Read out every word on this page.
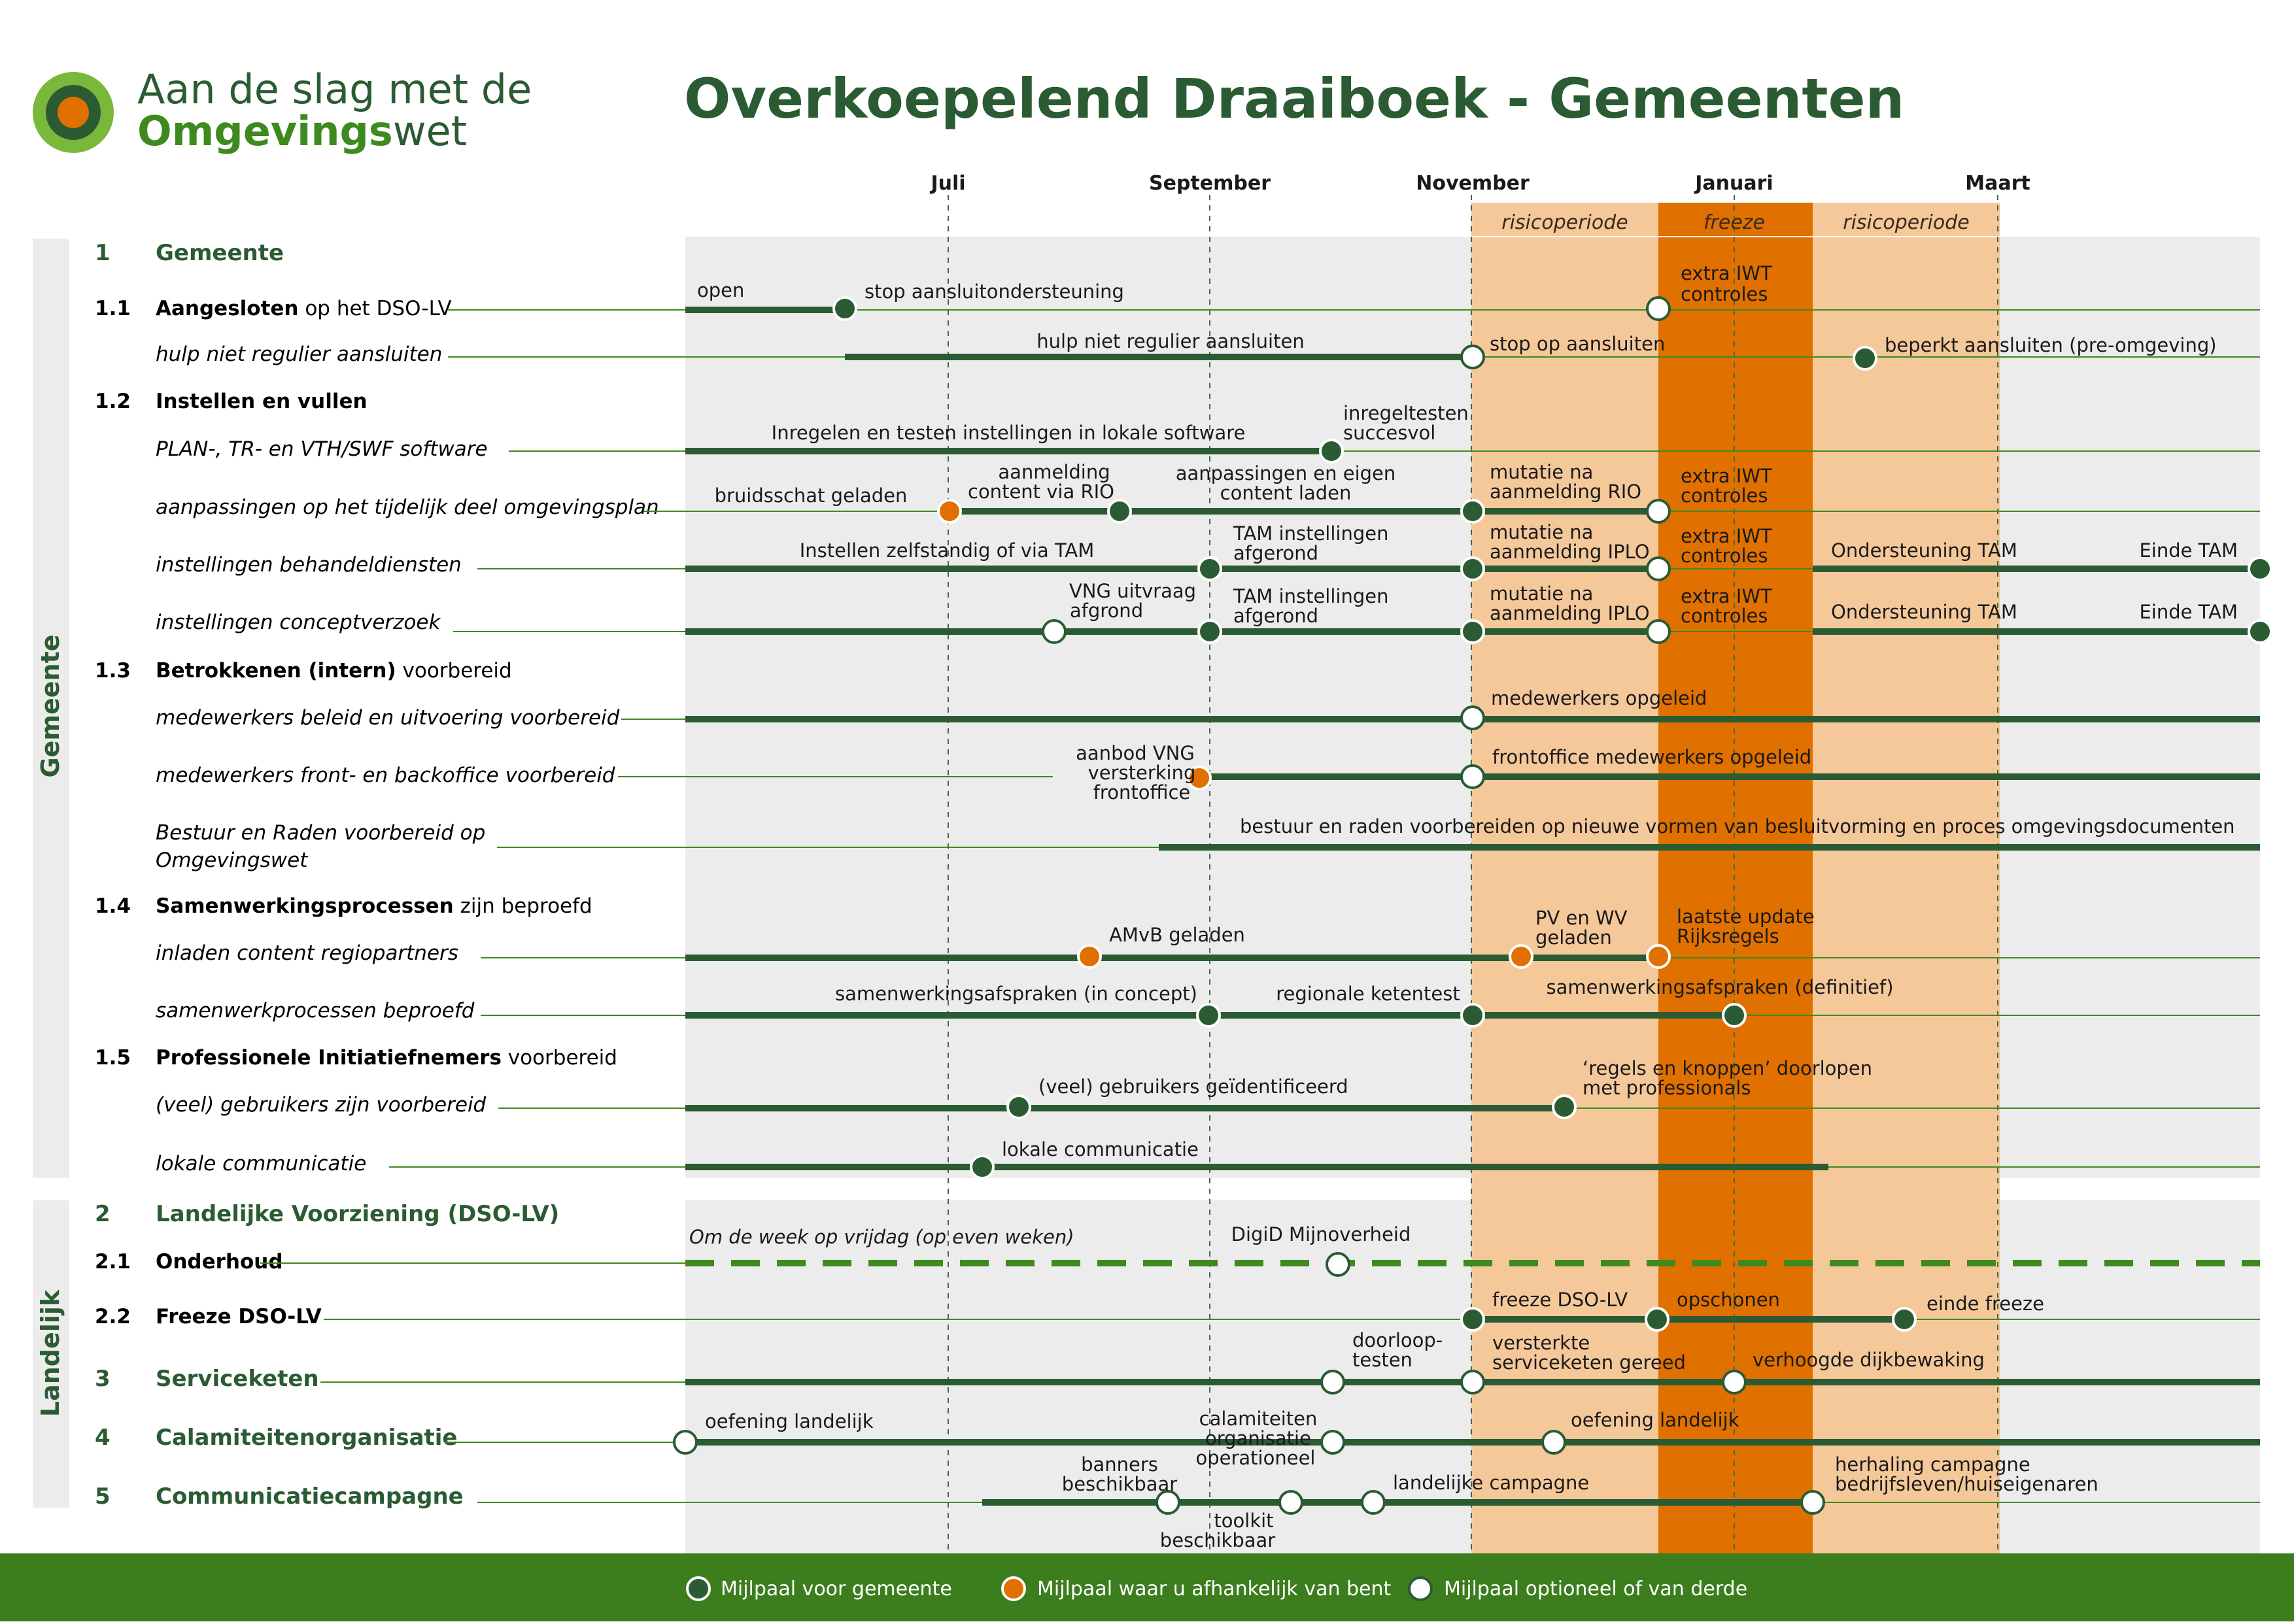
Gemeente
Landelijk
Juli	September	November	Januari	Maart
risicoperiode	freeze	risicoperiode
Aan de slag met de
Omgevingswet
Overkoepelend Draaiboek - Gemeenten
1 Gemeente
1.1 Aangesloten op het DSO-LV
hulp niet regulier aansluiten
1.2 Instellen en vullen
PLAN-, TR- en VTH/SWF software
aanpassingen op het tijdelijk deel omgevingsplan
instellingen behandeldiensten
instellingen conceptverzoek
1.3 Betrokkenen (intern) voorbereid
medewerkers beleid en uitvoering voorbereid
medewerkers front- en backoffice voorbereid
Bestuur en Raden voorbereid op
Omgevingswet
1.4 Samenwerkingsprocessen zijn beproefd
inladen content regiopartners
samenwerkprocessen beproefd
1.5 Professionele Initiatiefnemers voorbereid
(veel) gebruikers zijn voorbereid
lokale communicatie
2 Landelijke Voorziening (DSO-LV)
2.1 Onderhoud
2.2 Freeze DSO-LV
3 Serviceketen
4 Calamiteitenorganisatie
5 Communicatiecampagne
open	stop aansluitondersteuning
extra IWT
controles
hulp niet regulier aansluiten	stop op aansluiten	beperkt aansluiten (pre-omgeving)
Inregelen en testen instellingen in lokale software
inregeltesten
succesvol
bruidsschat geladen
aanmelding
content via RIO
aanpassingen en eigen
content laden
mutatie na
aanmelding RIO
extra IWT
controles
Instellen zelfstandig of via TAM
TAM instellingen
afgerond
mutatie na
aanmelding IPLO
extra IWT
controles	Ondersteuning TAM	Einde TAM
VNG uitvraag
afgrond
TAM instellingen
afgerond
mutatie na
aanmelding IPLO
extra IWT
controles	Ondersteuning TAM	Einde TAM
medewerkers opgeleid
aanbod VNG
versterking
frontoffice
frontoffice medewerkers opgeleid
bestuur en raden voorbereiden op nieuwe vormen van besluitvorming en proces omgevingsdocumenten
AMvB geladen
PV en WV
geladen
laatste update
Rijksregels
samenwerkingsafspraken (in concept)	regionale ketentest	samenwerkingsafspraken (definitief)
(veel) gebruikers geïdentificeerd
‘regels en knoppen’ doorlopen
met professionals
lokale communicatie
Om de week op vrijdag (op even weken)	DigiD Mijnoverheid
freeze DSO-LV	opschonen	einde freeze
doorloop-
testen
versterkte
serviceketen gereed	verhoogde dijkbewaking
oefening landelijk	calamiteiten
organisatie
operationeel
oefening landelijk
banners
beschikbaar
toolkit
beschikbaar
landelijke campagne
herhaling campagne
bedrijfsleven/huiseigenaren
Mijlpaal voor gemeente	Mijlpaal waar u afhankelijk van bent	Mijlpaal optioneel of van derde
